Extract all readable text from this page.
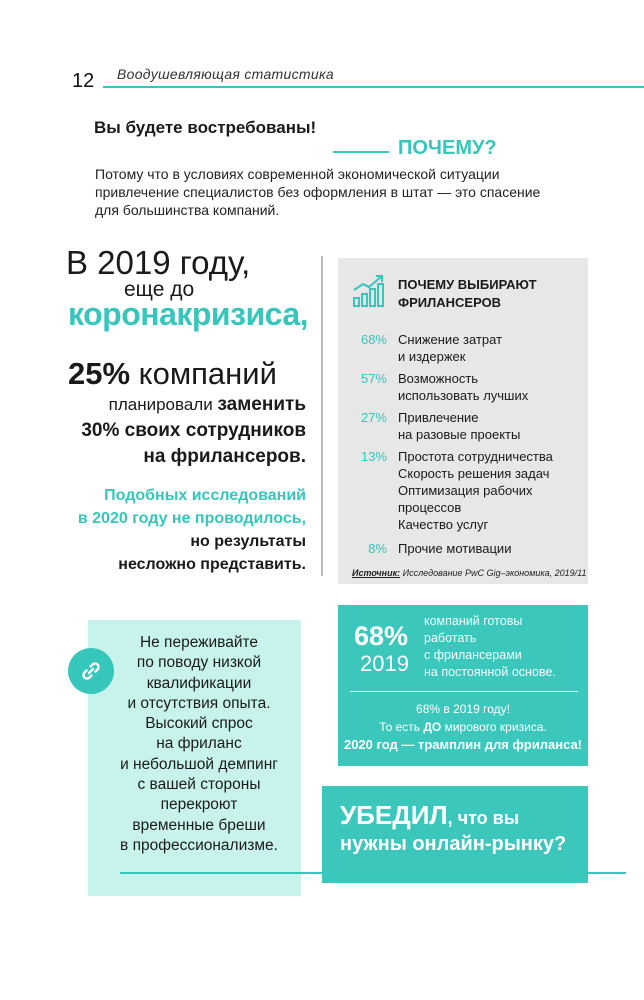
12 Воодушевляющая статистика
Вы будете востребованы!
ПОЧЕМУ?
Потому что в условиях современной экономической ситуации
привлечение специалистов без оформления в штат — это спасение
для большинства компаний.
В 2019 году,
еще до
коронакризиса,
25% компаний
планировали заменить
30% своих сотрудников
на фрилансеров.
Подобных исследований
в 2020 году не проводилось,
но результаты
несложно представить.
ПОЧЕМУ ВЫБИРАЮТ
ФРИЛАНСЕРОВ
68% Снижение затрат
и издержек
57% Возможность
использовать лучших
27% Привлечение
на разовые проекты
13% Простота сотрудничества
Скорость решения задач
Оптимизация рабочих
процессов
Качество услуг
8% Прочие мотивации
Источник: Исследование PwC Gig–экономика, 2019/11
68%
2019
компаний готовы
работать
с фрилансерами
на постоянной основе.
68% в 2019 году!
То есть ДО мирового кризиса.
2020 год — трамплин для фриланса!
Не переживайте
по поводу низкой
квалификации
и отсутствия опыта.
Высокий спрос
на фриланс
и небольшой демпинг
с вашей стороны
перекроют
временные бреши
в профессионализме.
УБЕДИЛ, что вы
нужны онлайн-рынку?
